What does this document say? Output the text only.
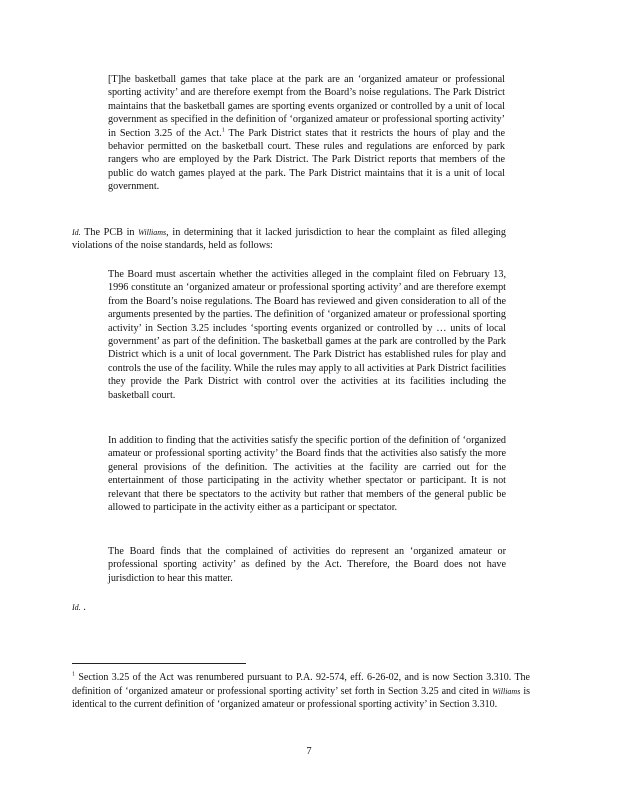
[T]he basketball games that take place at the park are an ‘organized amateur or professional sporting activity’ and are therefore exempt from the Board’s noise regulations. The Park District maintains that the basketball games are sporting events organized or controlled by a unit of local government as specified in the definition of ‘organized amateur or professional sporting activity’ in Section 3.25 of the Act.$^1$ The Park District states that it restricts the hours of play and the behavior permitted on the basketball court. These rules and regulations are enforced by park rangers who are employed by the Park District. The Park District reports that members of the public do watch games played at the park. The Park District maintains that it is a unit of local government.

Id. The PCB in Williams, in determining that it lacked jurisdiction to hear the complaint as filed alleging violations of the noise standards, held as follows:

The Board must ascertain whether the activities alleged in the complaint filed on February 13, 1996 constitute an ‘organized amateur or professional sporting activity’ and are therefore exempt from the Board’s noise regulations. The Board has reviewed and given consideration to all of the arguments presented by the parties. The definition of ‘organized amateur or professional sporting activity’ in Section 3.25 includes ‘sporting events organized or controlled by … units of local government’ as part of the definition. The basketball games at the park are controlled by the Park District which is a unit of local government. The Park District has established rules for play and controls the use of the facility. While the rules may apply to all activities at Park District facilities they provide the Park District with control over the activities at its facilities including the basketball court.

In addition to finding that the activities satisfy the specific portion of the definition of ‘organized amateur or professional sporting activity’ the Board finds that the activities also satisfy the more general provisions of the definition. The activities at the facility are carried out for the entertainment of those participating in the activity whether spectator or participant. It is not relevant that there be spectators to the activity but rather that members of the general public be allowed to participate in the activity either as a participant or spectator.

The Board finds that the complained of activities do represent an ‘organized amateur or professional sporting activity’ as defined by the Act. Therefore, the Board does not have jurisdiction to hear this matter.

Id. .

$^1$ Section 3.25 of the Act was renumbered pursuant to P.A. 92-574, eff. 6-26-02, and is now Section 3.310. The definition of ‘organized amateur or professional sporting activity’ set forth in Section 3.25 and cited in Williams is identical to the current definition of ‘organized amateur or professional sporting activity’ in Section 3.310.

7
